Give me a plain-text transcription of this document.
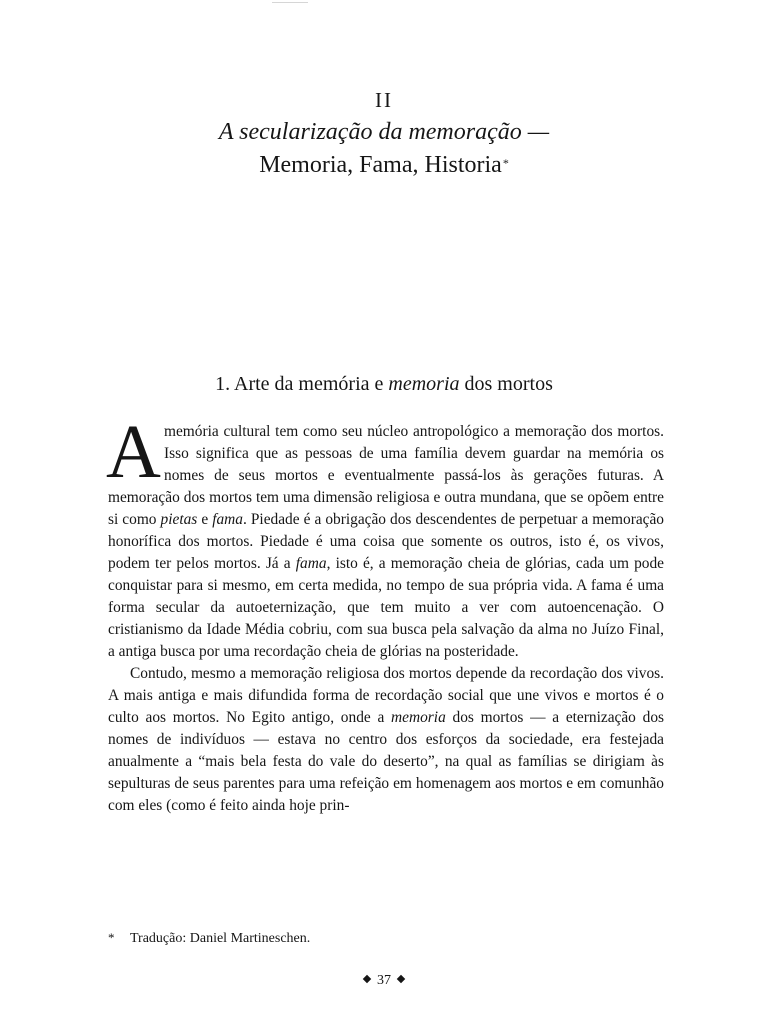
II
A secularização da memoração —
Memoria, Fama, Historia*
1. Arte da memória e memoria dos mortos

Amemória cultural tem como seu núcleo antropológico a memoração dos mortos. Isso significa que as pessoas de uma família devem guardar na memória os nomes de seus mortos e eventualmente passá-los às gerações futuras. A memoração dos mortos tem uma dimensão religiosa e outra mundana, que se opõem entre si como pietas e fama. Piedade é a obrigação dos descendentes de perpetuar a memoração honorífica dos mortos. Piedade é uma coisa que somente os outros, isto é, os vivos, podem ter pelos mortos. Já a fama, isto é, a memoração cheia de glórias, cada um pode conquistar para si mesmo, em certa medida, no tempo de sua própria vida. A fama é uma forma secular da autoeternização, que tem muito a ver com autoencenação. O cristianismo da Idade Média cobriu, com sua busca pela salvação da alma no Juízo Final, a antiga busca por uma recordação cheia de glórias na posteridade.

Contudo, mesmo a memoração religiosa dos mortos depende da recordação dos vivos. A mais antiga e mais difundida forma de recordação social que une vivos e mortos é o culto aos mortos. No Egito antigo, onde a memoria dos mortos — a eternização dos nomes de indivíduos — estava no centro dos esforços da sociedade, era festejada anualmente a “mais bela festa do vale do deserto”, na qual as famílias se dirigiam às sepulturas de seus parentes para uma refeição em homenagem aos mortos e em comunhão com eles (como é feito ainda hoje prin-

* Tradução: Daniel Martineschen.
37
